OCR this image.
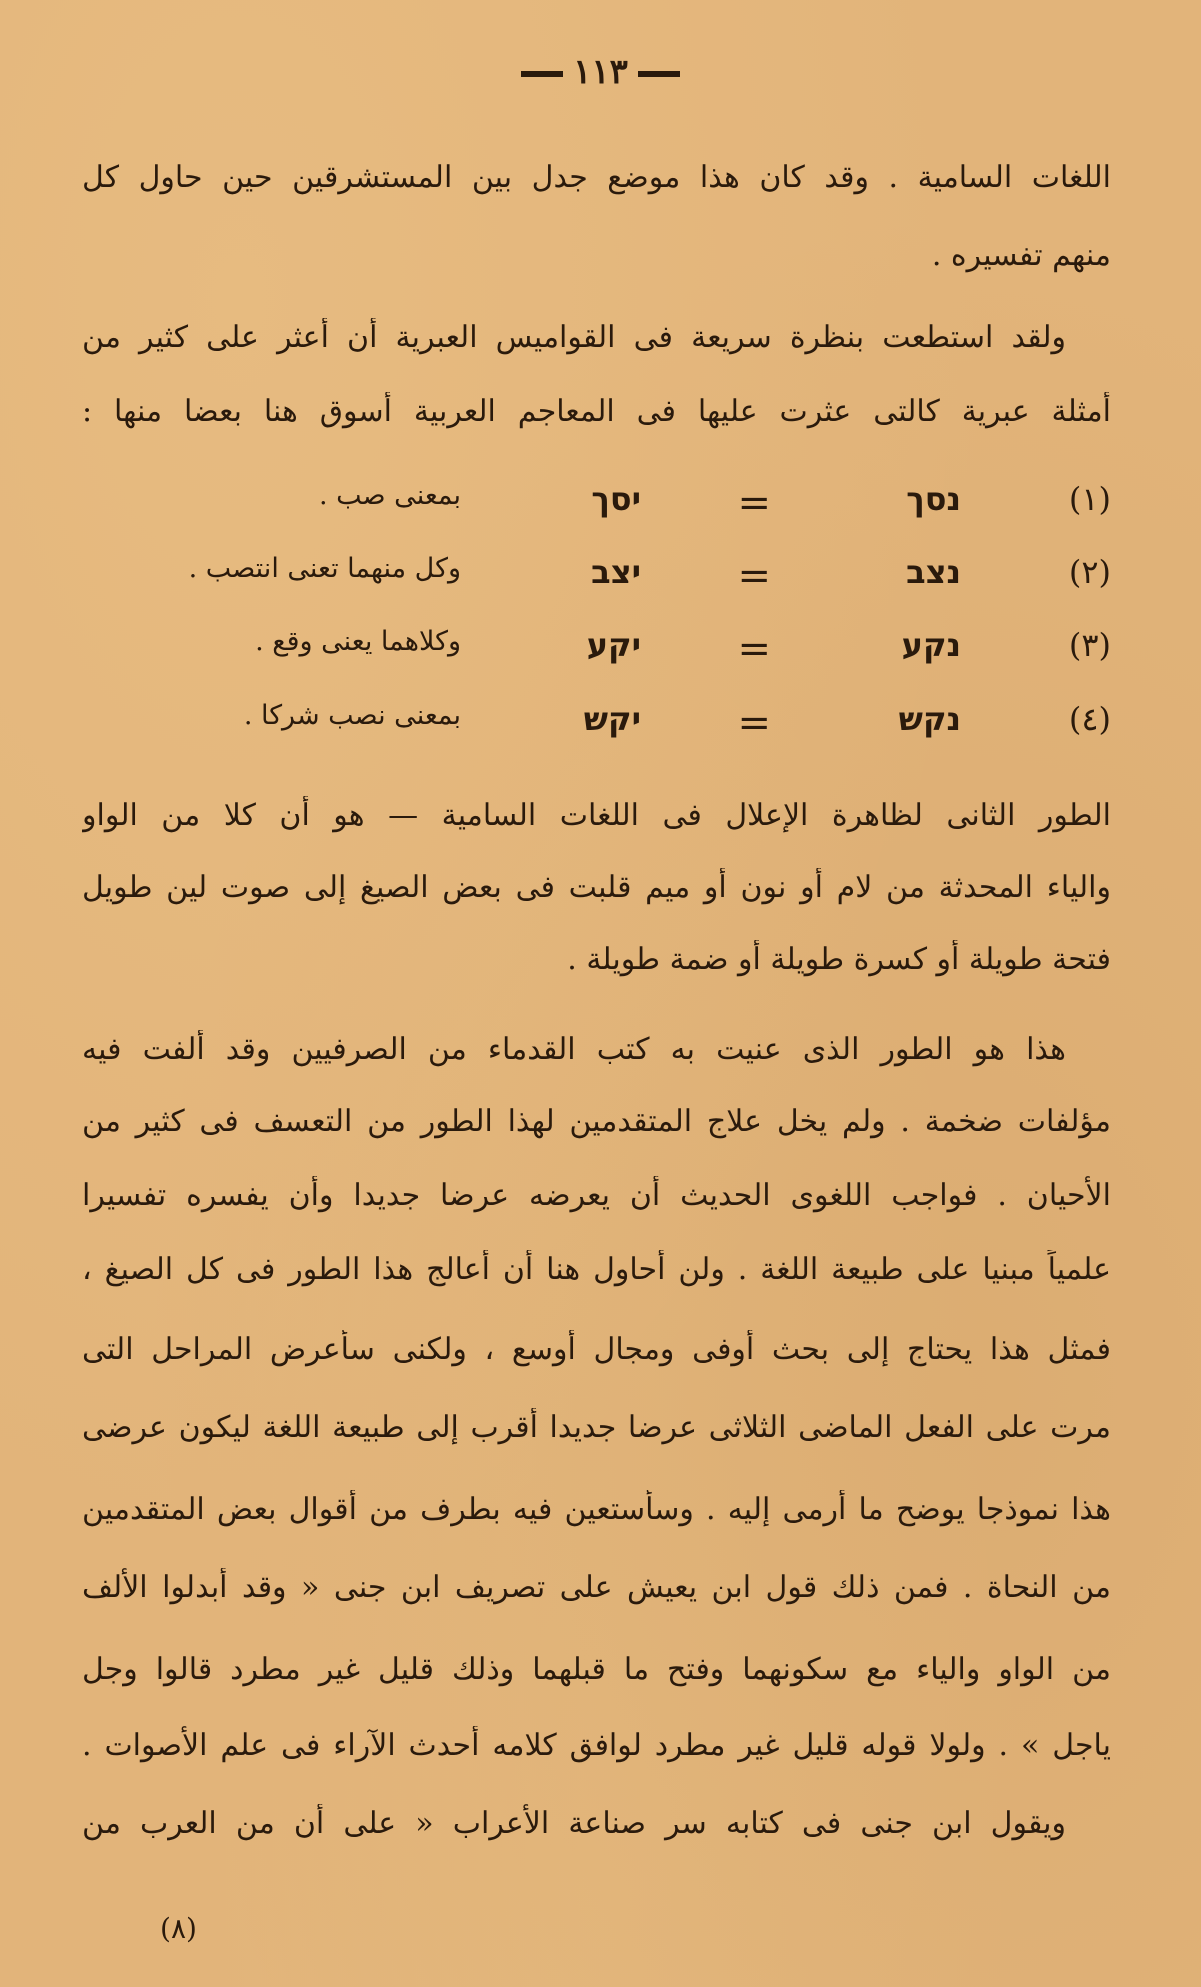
١١٣
اللغات السامية . وقد كان هذا موضع جدل بين المستشرقين حين حاول كل
منهم تفسيره .
ولقد استطعت بنظرة سريعة فى القواميس العبرية أن أعثر على كثير من
أمثلة عبرية كالتى عثرت عليها فى المعاجم العربية أسوق هنا بعضا منها :
(١)
נסך
=
יסך
بمعنى صب .
(٢)
נצב
=
יצב
وكل منهما تعنى انتصب .
(٣)
נקע
=
יקע
وكلاهما يعنى وقع .
(٤)
נקש
=
יקש
بمعنى نصب شركا .
الطور الثانى لظاهرة الإعلال فى اللغات السامية — هو أن كلا من الواو
والياء المحدثة من لام أو نون أو ميم قلبت فى بعض الصيغ إلى صوت لين طويل
فتحة طويلة أو كسرة طويلة أو ضمة طويلة .
هذا هو الطور الذى عنيت به كتب القدماء من الصرفيين وقد ألفت فيه
مؤلفات ضخمة . ولم يخل علاج المتقدمين لهذا الطور من التعسف فى كثير من
الأحيان . فواجب اللغوى الحديث أن يعرضه عرضا جديدا وأن يفسره تفسيرا
علمياً مبنيا على طبيعة اللغة . ولن أحاول هنا أن أعالج هذا الطور فى كل الصيغ ،
فمثل هذا يحتاج إلى بحث أوفى ومجال أوسع ، ولكنى سأعرض المراحل التى
مرت على الفعل الماضى الثلاثى عرضا جديدا أقرب إلى طبيعة اللغة ليكون عرضى
هذا نموذجا يوضح ما أرمى إليه . وسأستعين فيه بطرف من أقوال بعض المتقدمين
من النحاة . فمن ذلك قول ابن يعيش على تصريف ابن جنى « وقد أبدلوا الألف
من الواو والياء مع سكونهما وفتح ما قبلهما وذلك قليل غير مطرد قالوا وجل
ياجل » . ولولا قوله قليل غير مطرد لوافق كلامه أحدث الآراء فى علم الأصوات .
ويقول ابن جنى فى كتابه سر صناعة الأعراب « على أن من العرب من
(٨)
